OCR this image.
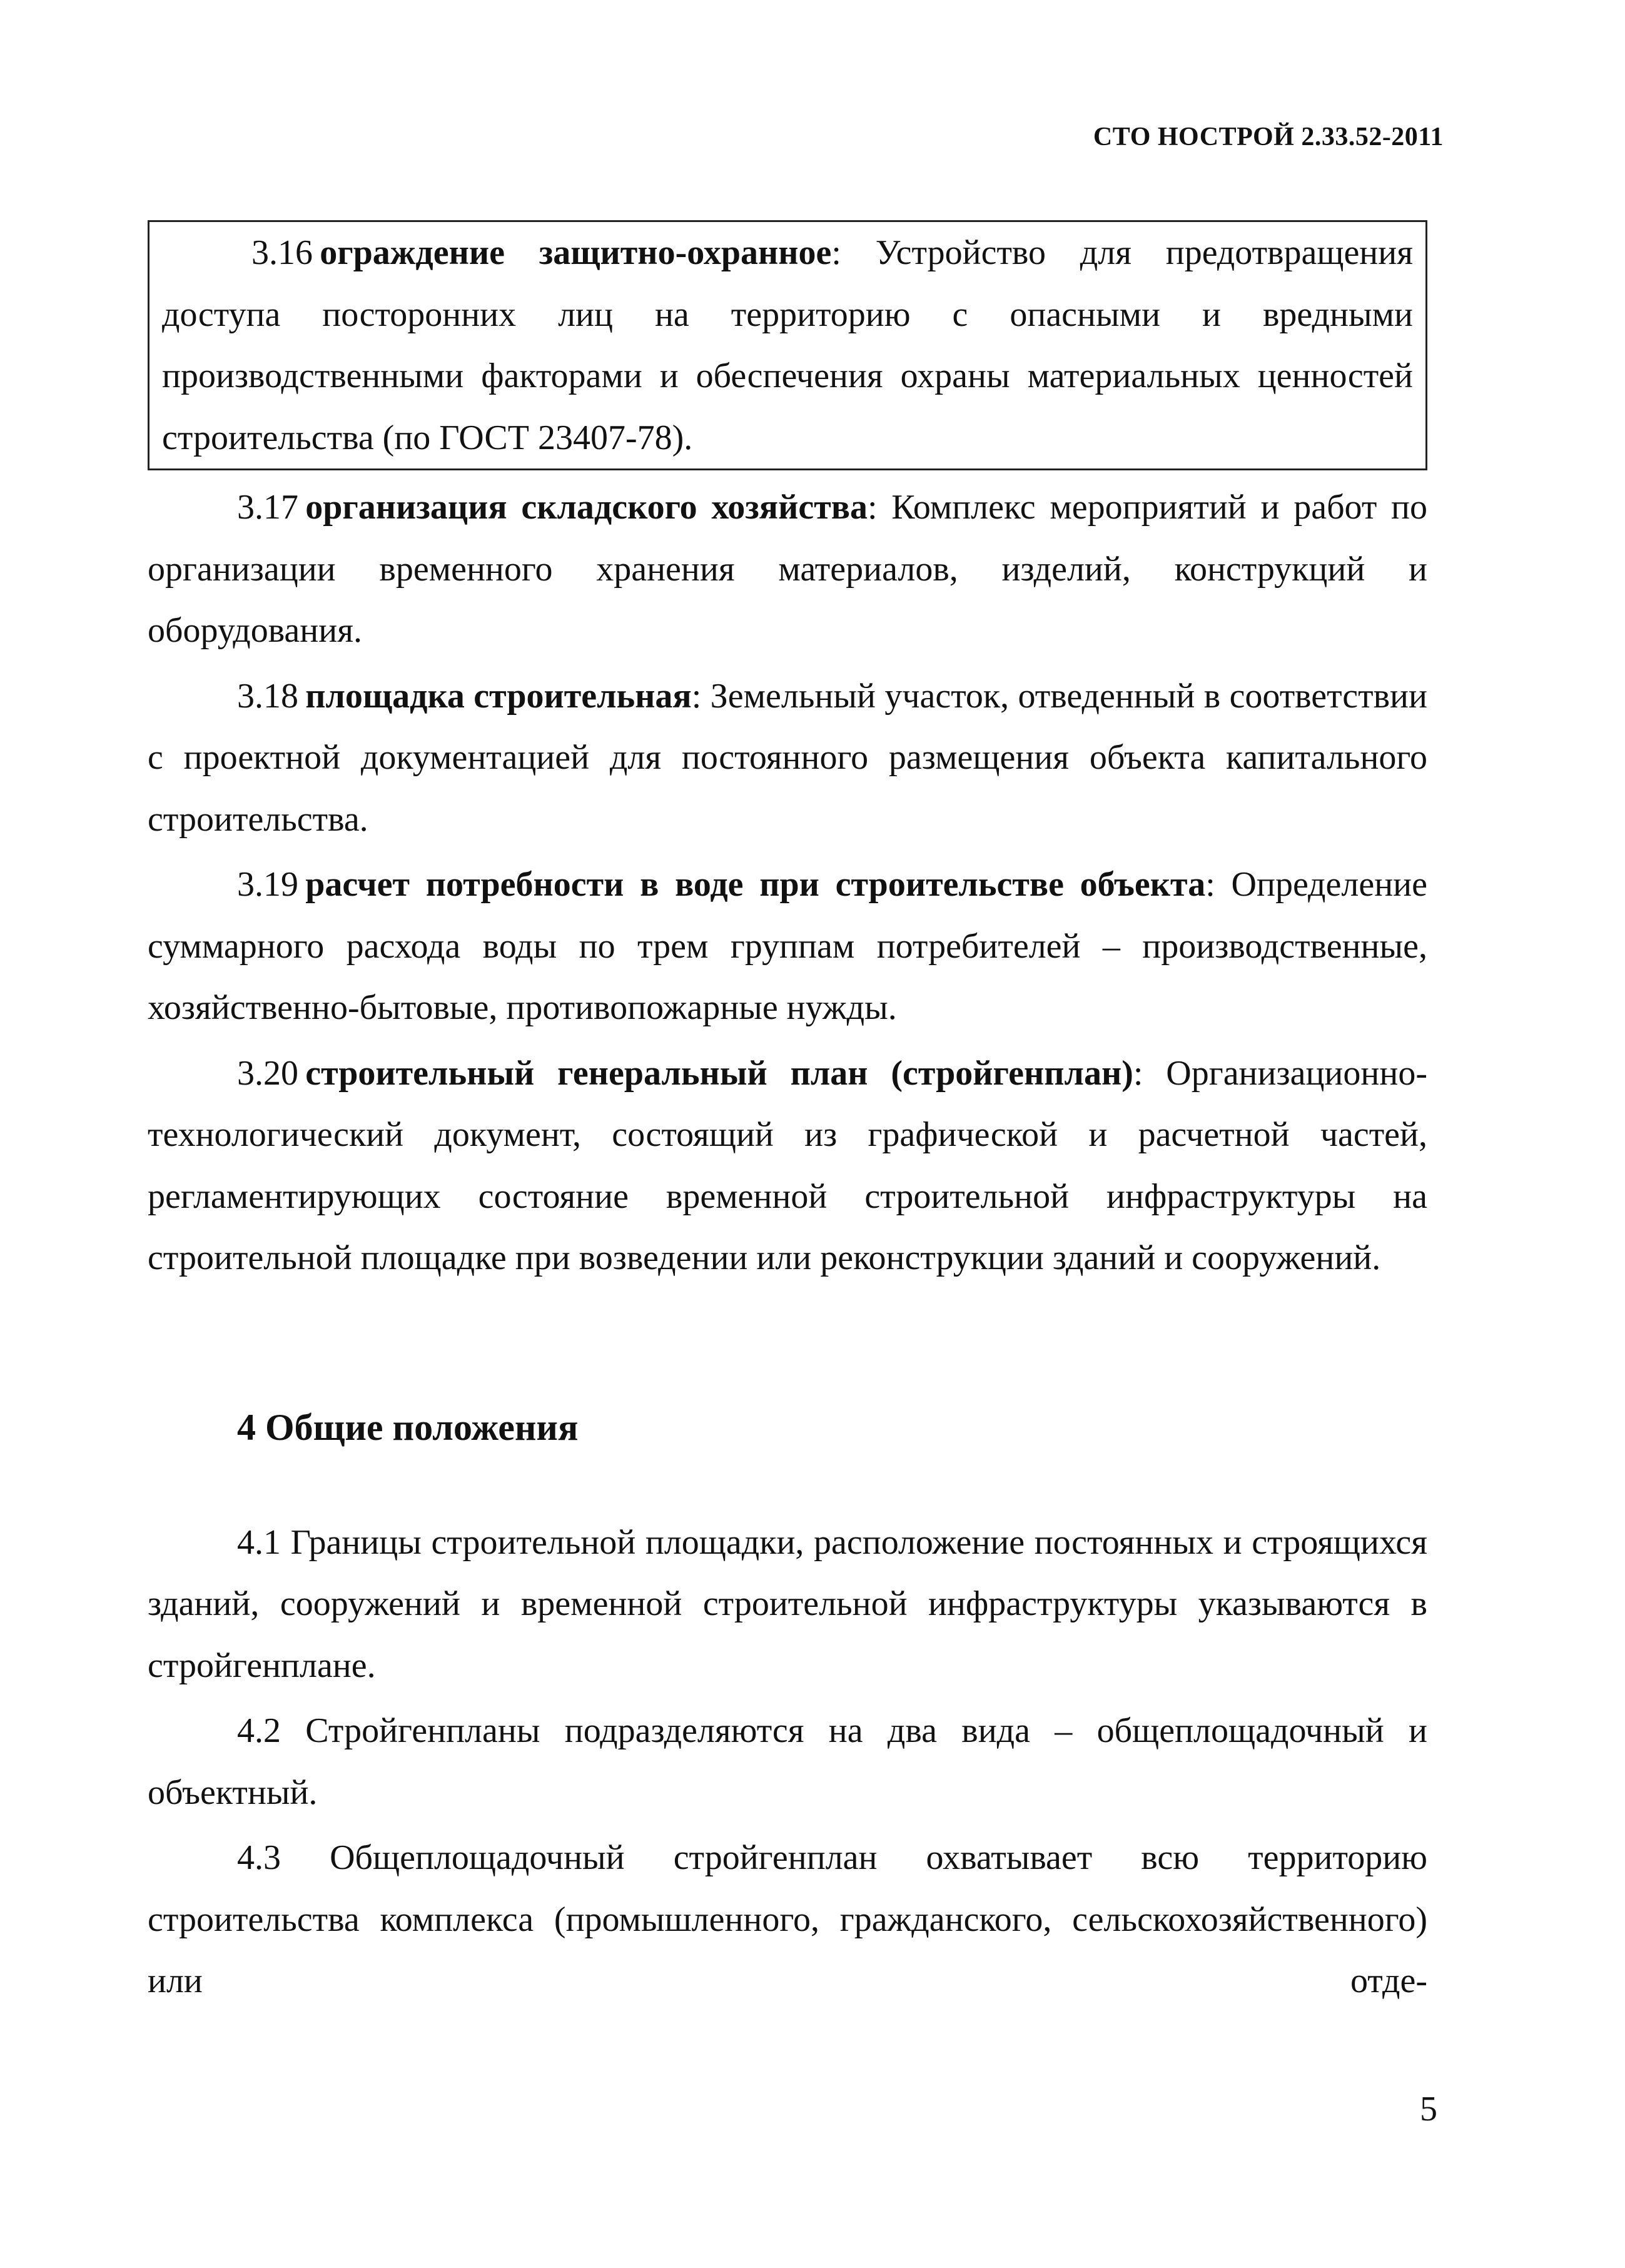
СТО НОСТРОЙ 2.33.52-2011

3.16  ограждение защитно-охранное: Устройство для предотвращения доступа посторонних лиц на территорию с опасными и вредными производственными факторами и обеспечения охраны материальных ценностей строительства (по ГОСТ 23407-78).

3.17  организация складского хозяйства: Комплекс мероприятий и работ по организации временного хранения материалов, изделий, конструкций и оборудования.

3.18  площадка строительная: Земельный участок, отведенный в соответствии с проектной документацией для постоянного размещения объекта капитального строительства.

3.19  расчет потребности в воде при строительстве объекта: Определение суммарного расхода воды по трем группам потребителей – производственные, хозяйственно-бытовые, противопожарные нужды.

3.20  строительный генеральный план (стройгенплан): Организационно-технологический документ, состоящий из графической и расчетной частей, регламентирующих состояние временной строительной инфраструктуры на строительной площадке при возведении или реконструкции зданий и сооружений.

4 Общие положения

4.1 Границы строительной площадки, расположение постоянных и строящихся зданий, сооружений и временной строительной инфраструктуры указываются в стройгенплане.

4.2 Стройгенпланы подразделяются на два вида – общеплощадочный и объектный.

4.3 Общеплощадочный стройгенплан охватывает всю территорию строительства комплекса (промышленного, гражданского, сельскохозяйственного) или отде-

5
